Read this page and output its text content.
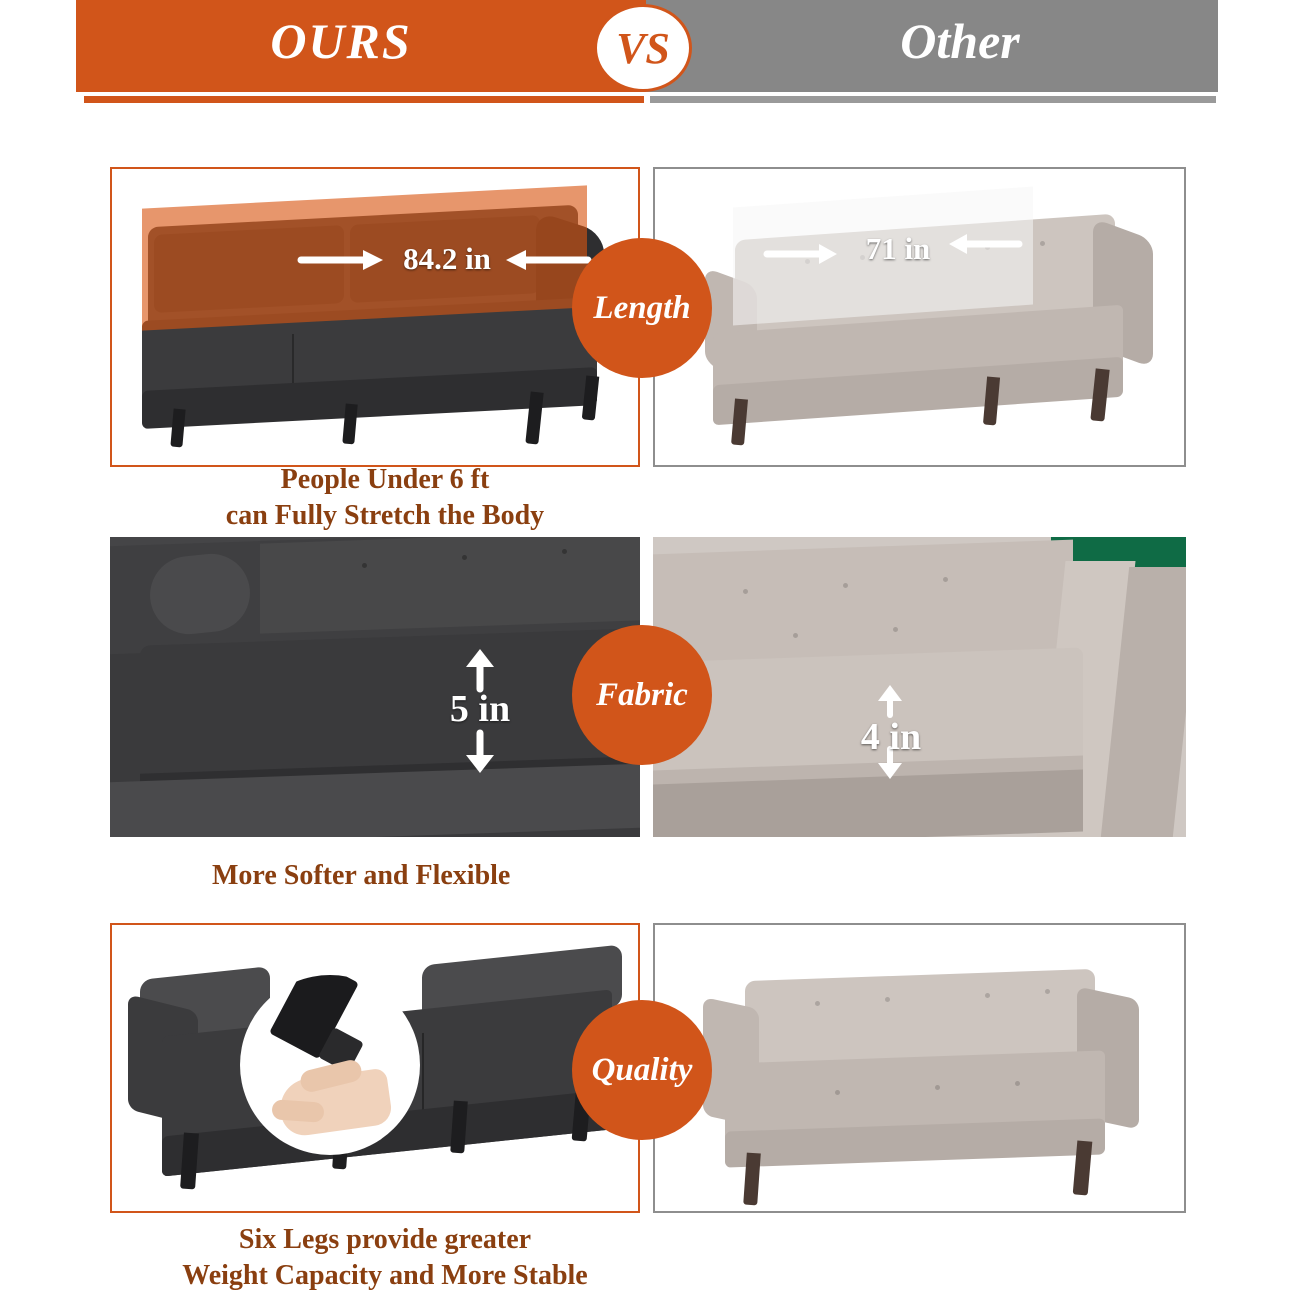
OURS	Other
VS
84.2 in	71 in
Length
People Under 6 ft
can Fully Stretch the Body
5 in
4 in
Fabric
More Softer and Flexible
Quality
Six Legs provide greater
Weight Capacity and More Stable
